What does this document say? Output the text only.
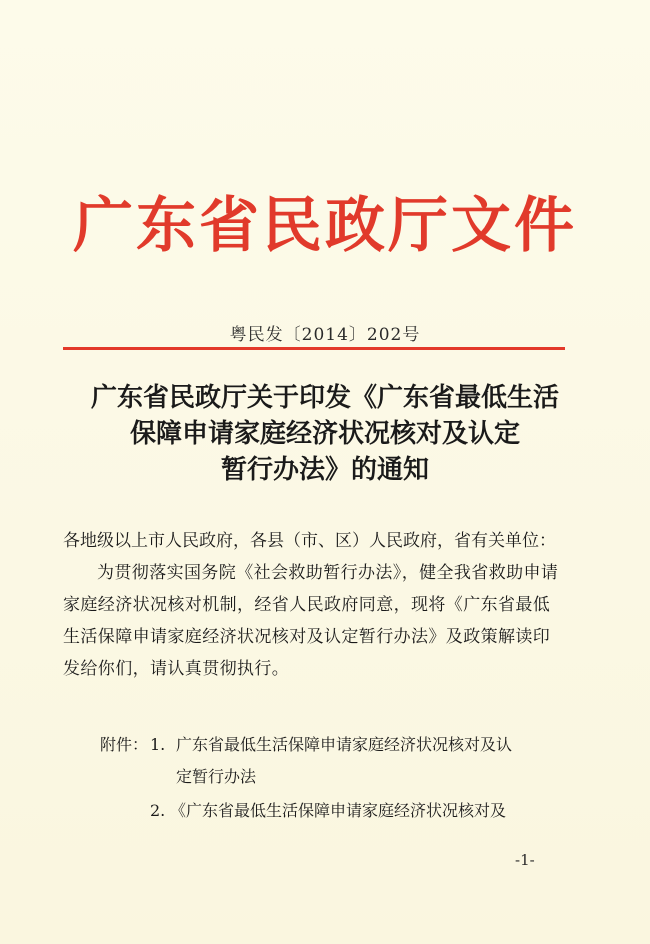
广东省民政厅文件
粤民发〔2014〕202号
广东省民政厅关于印发《广东省最低生活
保障申请家庭经济状况核对及认定
暂行办法》的通知
各地级以上市人民政府，各县（市、区）人民政府，省有关单位：
为贯彻落实国务院《社会救助暂行办法》，健全我省救助申请
家庭经济状况核对机制，经省人民政府同意，现将《广东省最低
生活保障申请家庭经济状况核对及认定暂行办法》及政策解读印
发给你们，请认真贯彻执行。
附件： 1. 广东省最低生活保障申请家庭经济状况核对及认
定暂行办法
2. 《广东省最低生活保障申请家庭经济状况核对及
-1-
